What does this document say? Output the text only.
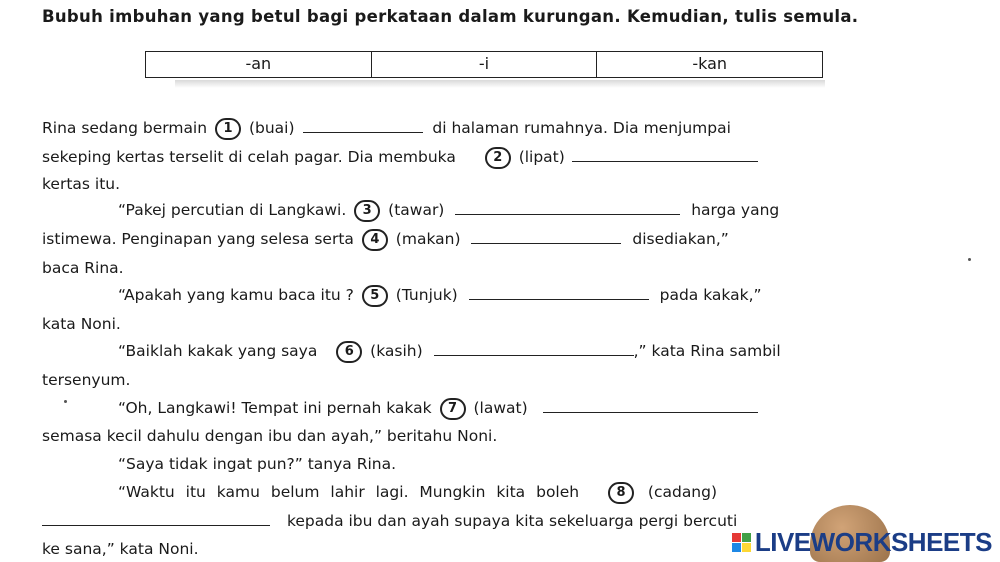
Bubuh imbuhan yang betul bagi perkataan dalam kurungan. Kemudian, tulis semula.
-an	-i	-kan
Rina sedang bermain 1 (buai)	di halaman rumahnya. Dia menjumpai
sekeping kertas terselit di celah pagar. Dia membuka	2 (lipat)
kertas itu.
“Pakej percutian di Langkawi. 3 (tawar)	harga yang
istimewa. Penginapan yang selesa serta 4 (makan)	disediakan,”
baca Rina.
“Apakah yang kamu baca itu ? 5 (Tunjuk)	pada kakak,”
kata Noni.
“Baiklah kakak yang saya 6 (kasih)	,” kata Rina sambil
tersenyum.
“Oh, Langkawi! Tempat ini pernah kakak 7 (lawat)
semasa kecil dahulu dengan ibu dan ayah,” beritahu Noni.
“Saya tidak ingat pun?” tanya Rina.
“Waktu itu kamu belum lahir lagi. Mungkin kita boleh	8 (cadang)
kepada ibu dan ayah supaya kita sekeluarga pergi bercuti
ke sana,” kata Noni.	LIVEWORKSHEETS
